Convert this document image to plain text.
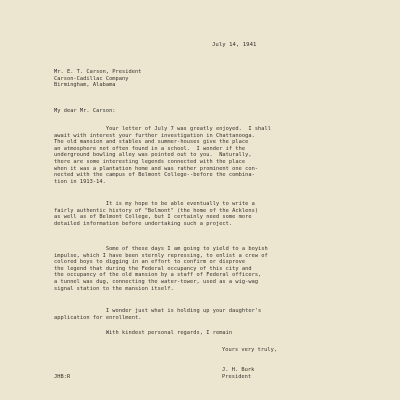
July 14, 1941

Mr. E. T. Carson, President

Carson-Cadillac Company

Birmingham, Alabama

My dear Mr. Carson:

Your letter of July 7 was greatly enjoyed.  I shall

await with interest your further investigation in Chattanooga.

The old mansion and stables and summer-houses give the place

an atmosphere not often found in a school.  I wonder if the

underground bowling alley was pointed out to you.  Naturally,

there are some interesting legends connected with the place

when it was a plantation home and was rather prominent one con-

nected with the campus of Belmont College--before the combina-

tion in 1913-14.

It is my hope to be able eventually to write a

fairly authentic history of "Belmont" (the home of the Acklens)

as well as of Belmont College, but I certainly need some more

detailed information before undertaking such a project.

Some of these days I am going to yield to a boyish

impulse, which I have been sternly repressing, to enlist a crew of

colored boys to digging in an effort to confirm or disprove

the legend that during the Federal occupancy of this city and

the occupancy of the old mansion by a staff of Federal officers,

a tunnel was dug, connecting the water-tower, used as a wig-wag

signal station to the mansion itself.

I wonder just what is holding up your daughter's

application for enrollment.

With kindest personal regards, I remain

Yours very truly,

J. H. Burk

President

JHB:R
